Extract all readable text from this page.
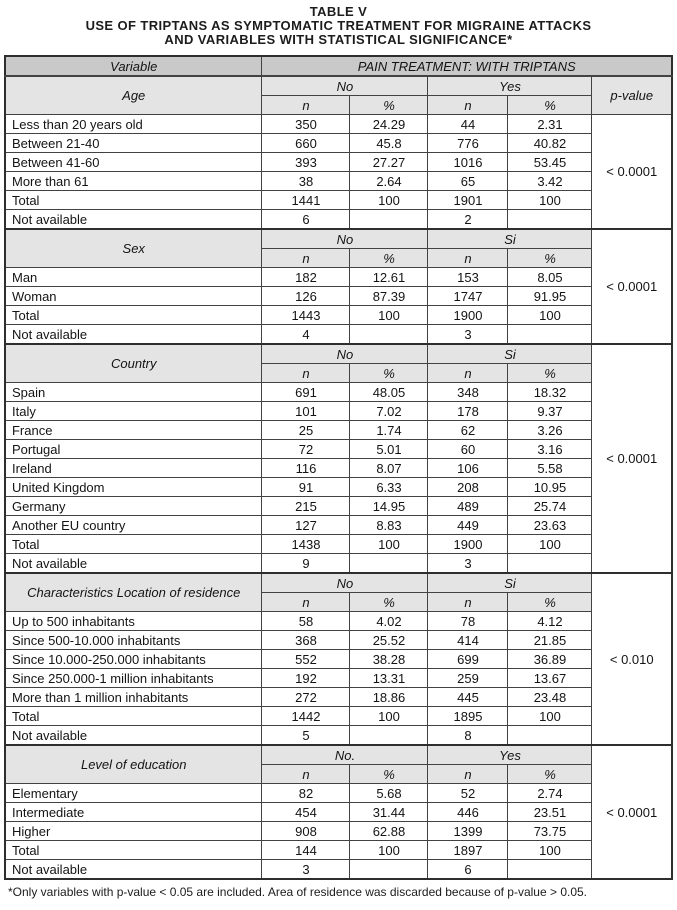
TABLE V
USE OF TRIPTANS AS SYMPTOMATIC TREATMENT FOR MIGRAINE ATTACKS
AND VARIABLES WITH STATISTICAL SIGNIFICANCE*
Variable	PAIN TREATMENT: WITH TRIPTANS				
Age	No		Yes		p-value
	n	%	n	%	
Less than 20 years old	350	24.29	44	2.31	< 0.0001
Between 21-40	660	45.8	776	40.82	
Between 41-60	393	27.27	1016	53.45	
More than 61	38	2.64	65	3.42	
Total	1441	100	1901	100	
Not available	6		2		
Sex	No		Si		< 0.0001
	n	%	n	%	
Man	182	12.61	153	8.05	
Woman	126	87.39	1747	91.95	
Total	1443	100	1900	100	
Not available	4		3		
Country	No		Si		< 0.0001
	n	%	n	%	
Spain	691	48.05	348	18.32	
Italy	101	7.02	178	9.37	
France	25	1.74	62	3.26	
Portugal	72	5.01	60	3.16	
Ireland	116	8.07	106	5.58	
United Kingdom	91	6.33	208	10.95	
Germany	215	14.95	489	25.74	
Another EU country	127	8.83	449	23.63	
Total	1438	100	1900	100	
Not available	9		3		
Characteristics Location of residence	No		Si		< 0.010
	n	%	n	%	
Up to 500 inhabitants	58	4.02	78	4.12	
Since 500-10.000 inhabitants	368	25.52	414	21.85	
Since 10.000-250.000 inhabitants	552	38.28	699	36.89	
Since 250.000-1 million inhabitants	192	13.31	259	13.67	
More than 1 million inhabitants	272	18.86	445	23.48	
Total	1442	100	1895	100	
Not available	5		8		
Level of education	No.		Yes		< 0.0001
	n	%	n	%	
Elementary	82	5.68	52	2.74	
Intermediate	454	31.44	446	23.51	
Higher	908	62.88	1399	73.75	
Total	144	100	1897	100	
Not available	3		6		
*Only variables with p-value < 0.05 are included. Area of residence was discarded because of p-value > 0.05.
